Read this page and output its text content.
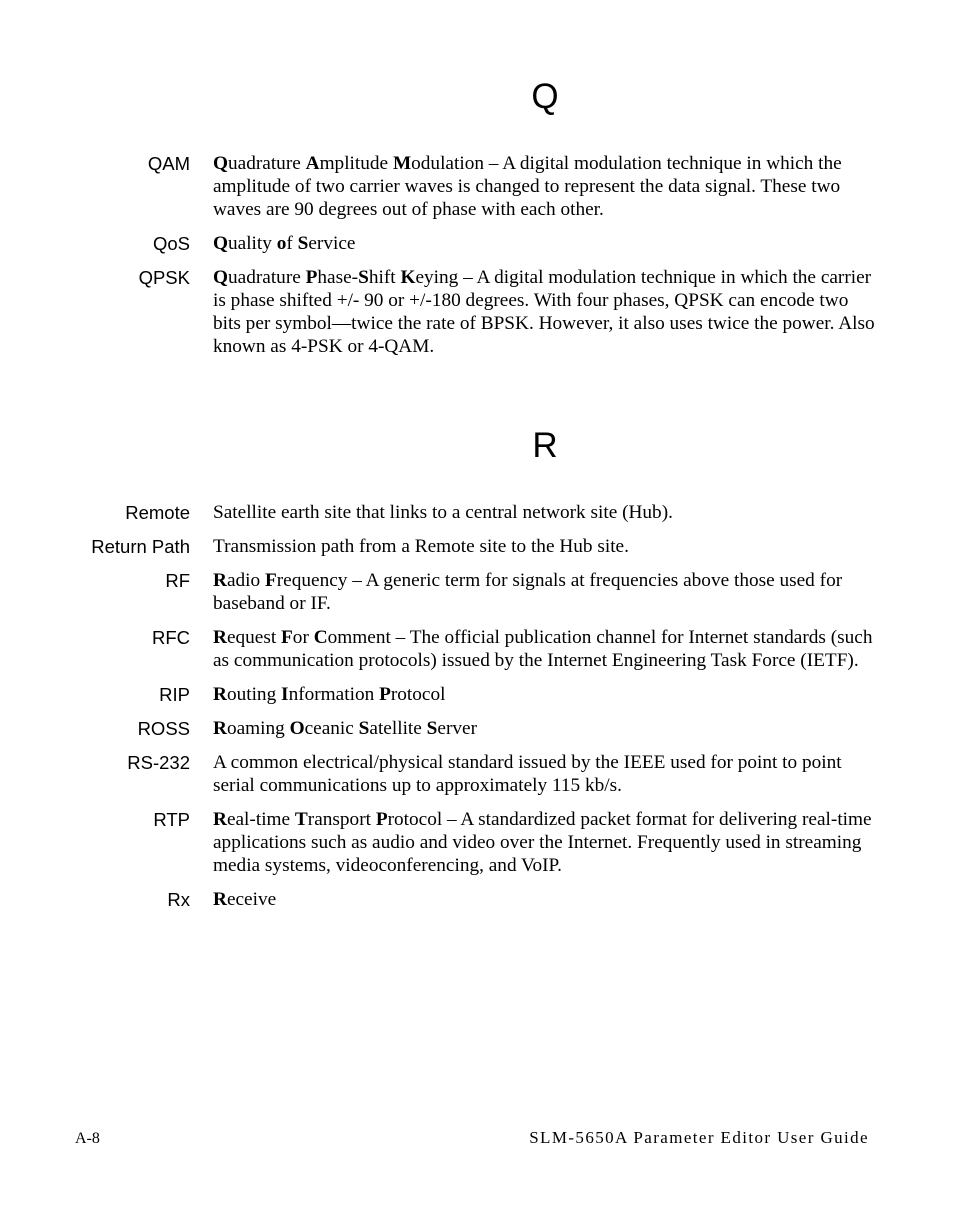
Q
QAM Quadrature Amplitude Modulation – A digital modulation technique in which the amplitude of two carrier waves is changed to represent the data signal. These two waves are 90 degrees out of phase with each other.
QoS Quality of Service
QPSK Quadrature Phase-Shift Keying – A digital modulation technique in which the carrier is phase shifted +/- 90 or +/-180 degrees. With four phases, QPSK can encode two bits per symbol—twice the rate of BPSK. However, it also uses twice the power. Also known as 4-PSK or 4-QAM.
R
Remote Satellite earth site that links to a central network site (Hub).
Return Path Transmission path from a Remote site to the Hub site.
RF Radio Frequency – A generic term for signals at frequencies above those used for baseband or IF.
RFC Request For Comment – The official publication channel for Internet standards (such as communication protocols) issued by the Internet Engineering Task Force (IETF).
RIP Routing Information Protocol
ROSS Roaming Oceanic Satellite Server
RS-232 A common electrical/physical standard issued by the IEEE used for point to point serial communications up to approximately 115 kb/s.
RTP Real-time Transport Protocol – A standardized packet format for delivering real-time applications such as audio and video over the Internet. Frequently used in streaming media systems, videoconferencing, and VoIP.
Rx Receive
A-8	SLM-5650A Parameter Editor User Guide
